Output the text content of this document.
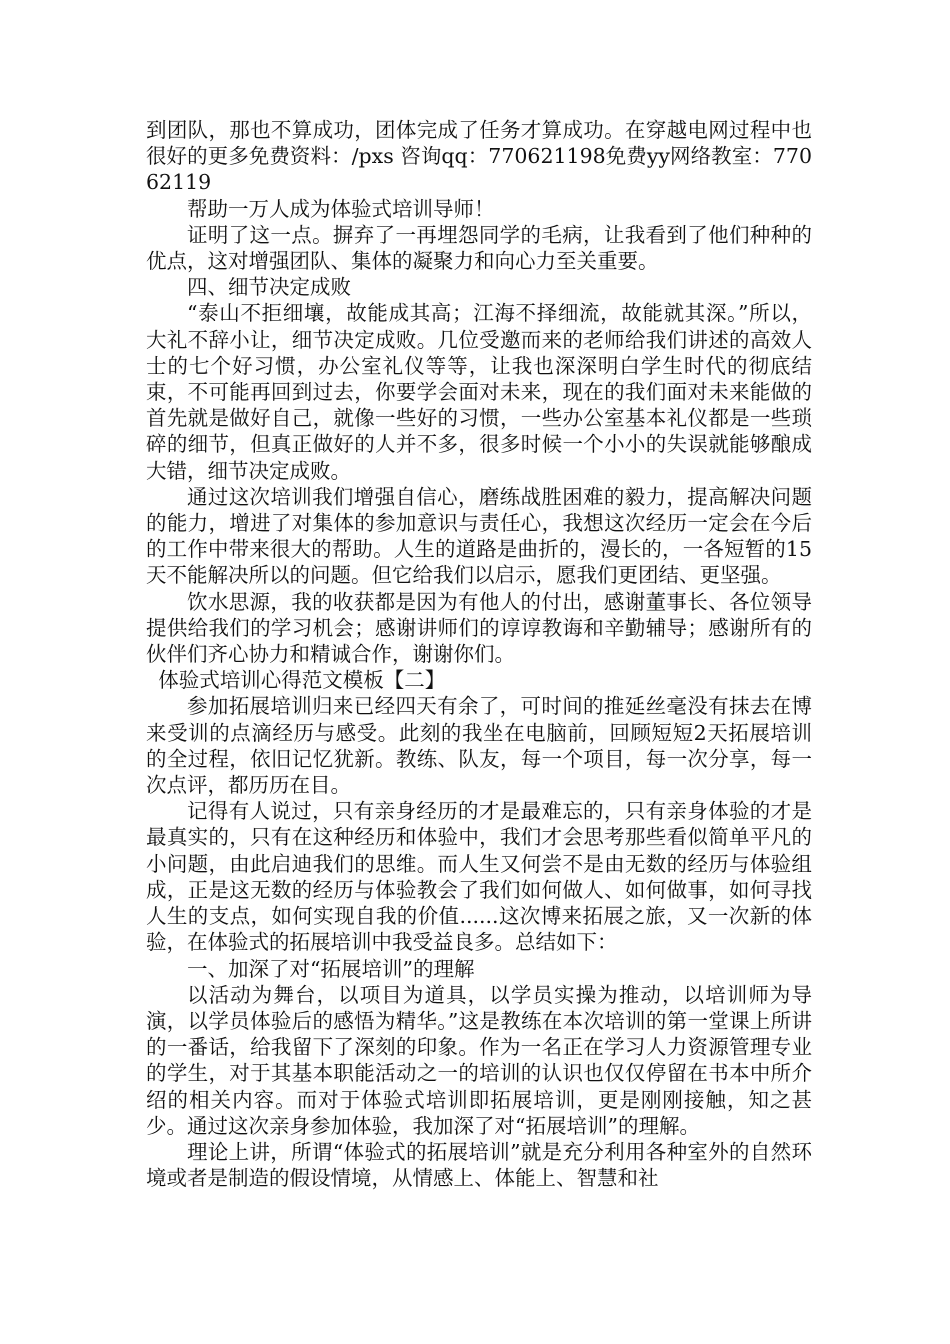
到团队，那也不算成功，团体完成了任务才算成功。在穿越电网过程中也很好的更多免费资料：/pxs 咨询qq：770621198免费yy网络教室：77062119

帮助一万人成为体验式培训导师！

证明了这一点。摒弃了一再埋怨同学的毛病，让我看到了他们种种的优点，这对增强团队、集体的凝聚力和向心力至关重要。

四、细节决定成败

“泰山不拒细壤，故能成其高；江海不择细流，故能就其深。”所以，大礼不辞小让，细节决定成败。几位受邀而来的老师给我们讲述的高效人士的七个好习惯，办公室礼仪等等，让我也深深明白学生时代的彻底结束，不可能再回到过去，你要学会面对未来，现在的我们面对未来能做的首先就是做好自己，就像一些好的习惯，一些办公室基本礼仪都是一些琐碎的细节，但真正做好的人并不多，很多时候一个小小的失误就能够酿成大错，细节决定成败。

通过这次培训我们增强自信心，磨练战胜困难的毅力，提高解决问题的能力，增进了对集体的参加意识与责任心，我想这次经历一定会在今后的工作中带来很大的帮助。人生的道路是曲折的，漫长的，一各短暂的15天不能解决所以的问题。但它给我们以启示，愿我们更团结、更坚强。

饮水思源，我的收获都是因为有他人的付出，感谢董事长、各位领导提供给我们的学习机会；感谢讲师们的谆谆教诲和辛勤辅导；感谢所有的伙伴们齐心协力和精诚合作，谢谢你们。

体验式培训心得范文模板【二】

参加拓展培训归来已经四天有余了，可时间的推延丝毫没有抹去在博来受训的点滴经历与感受。此刻的我坐在电脑前，回顾短短2天拓展培训的全过程，依旧记忆犹新。教练、队友，每一个项目，每一次分享，每一次点评，都历历在目。

记得有人说过，只有亲身经历的才是最难忘的，只有亲身体验的才是最真实的，只有在这种经历和体验中，我们才会思考那些看似简单平凡的小问题，由此启迪我们的思维。而人生又何尝不是由无数的经历与体验组成，正是这无数的经历与体验教会了我们如何做人、如何做事，如何寻找人生的支点，如何实现自我的价值......这次博来拓展之旅，又一次新的体验，在体验式的拓展培训中我受益良多。总结如下：

一、加深了对“拓展培训”的理解

以活动为舞台，以项目为道具，以学员实操为推动，以培训师为导演，以学员体验后的感悟为精华。”这是教练在本次培训的第一堂课上所讲的一番话，给我留下了深刻的印象。作为一名正在学习人力资源管理专业的学生，对于其基本职能活动之一的培训的认识也仅仅停留在书本中所介绍的相关内容。而对于体验式培训即拓展培训，更是刚刚接触，知之甚少。通过这次亲身参加体验，我加深了对“拓展培训”的理解。

理论上讲，所谓“体验式的拓展培训”就是充分利用各种室外的自然环境或者是制造的假设情境，从情感上、体能上、智慧和社
